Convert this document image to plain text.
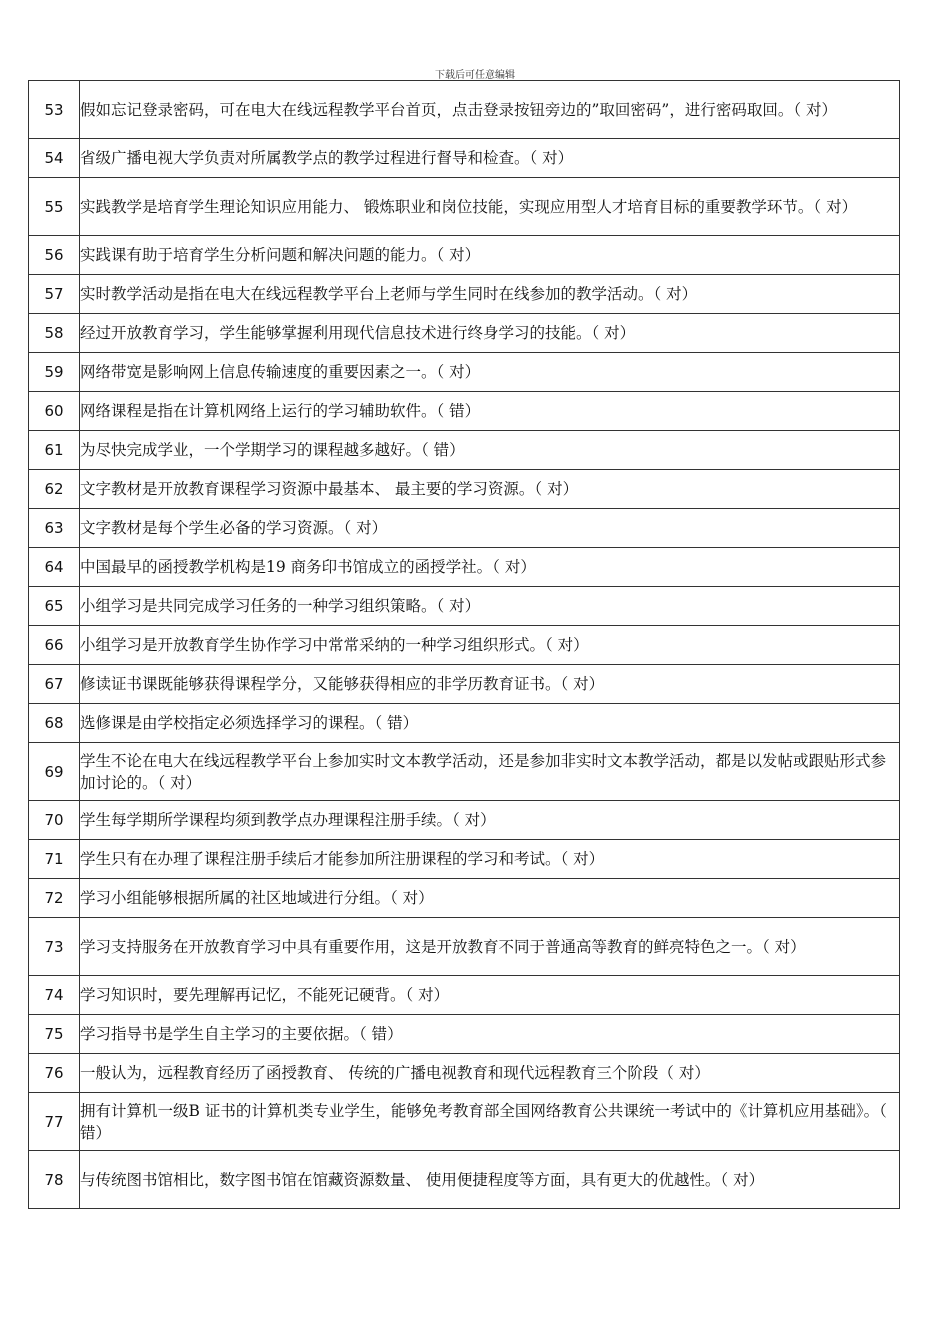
下载后可任意编辑
53	假如忘记登录密码，可在电大在线远程教学平台首页，点击登录按钮旁边的”取回密码”，进行密码取回。（ 对）
54	省级广播电视大学负责对所属教学点的教学过程进行督导和检查。（ 对）
55	实践教学是培育学生理论知识应用能力、 锻炼职业和岗位技能，实现应用型人才培育目标的重要教学环节。（ 对）
56	实践课有助于培育学生分析问题和解决问题的能力。（ 对）
57	实时教学活动是指在电大在线远程教学平台上老师与学生同时在线参加的教学活动。（ 对）
58	经过开放教育学习，学生能够掌握利用现代信息技术进行终身学习的技能。（ 对）
59	网络带宽是影响网上信息传输速度的重要因素之一。（ 对）
60	网络课程是指在计算机网络上运行的学习辅助软件。（ 错）
61	为尽快完成学业，一个学期学习的课程越多越好。（ 错）
62	文字教材是开放教育课程学习资源中最基本、 最主要的学习资源。（ 对）
63	文字教材是每个学生必备的学习资源。（ 对）
64	中国最早的函授教学机构是19 商务印书馆成立的函授学社。（ 对）
65	小组学习是共同完成学习任务的一种学习组织策略。（ 对）
66	小组学习是开放教育学生协作学习中常常采纳的一种学习组织形式。（ 对）
67	修读证书课既能够获得课程学分，又能够获得相应的非学历教育证书。（ 对）
68	选修课是由学校指定必须选择学习的课程。（ 错）
69	学生不论在电大在线远程教学平台上参加实时文本教学活动，还是参加非实时文本教学活动，都是以发帖或跟贴形式参加讨论的。（ 对）
70	学生每学期所学课程均须到教学点办理课程注册手续。（ 对）
71	学生只有在办理了课程注册手续后才能参加所注册课程的学习和考试。（ 对）
72	学习小组能够根据所属的社区地域进行分组。（ 对）
73	学习支持服务在开放教育学习中具有重要作用，这是开放教育不同于普通高等教育的鲜亮特色之一。（ 对）
74	学习知识时，要先理解再记忆，不能死记硬背。（ 对）
75	学习指导书是学生自主学习的主要依据。（ 错）
76	一般认为，远程教育经历了函授教育、 传统的广播电视教育和现代远程教育三个阶段（ 对）
77	拥有计算机一级B 证书的计算机类专业学生，能够免考教育部全国网络教育公共课统一考试中的《计算机应用基础》。（ 错）
78	与传统图书馆相比，数字图书馆在馆藏资源数量、 使用便捷程度等方面，具有更大的优越性。（ 对）
